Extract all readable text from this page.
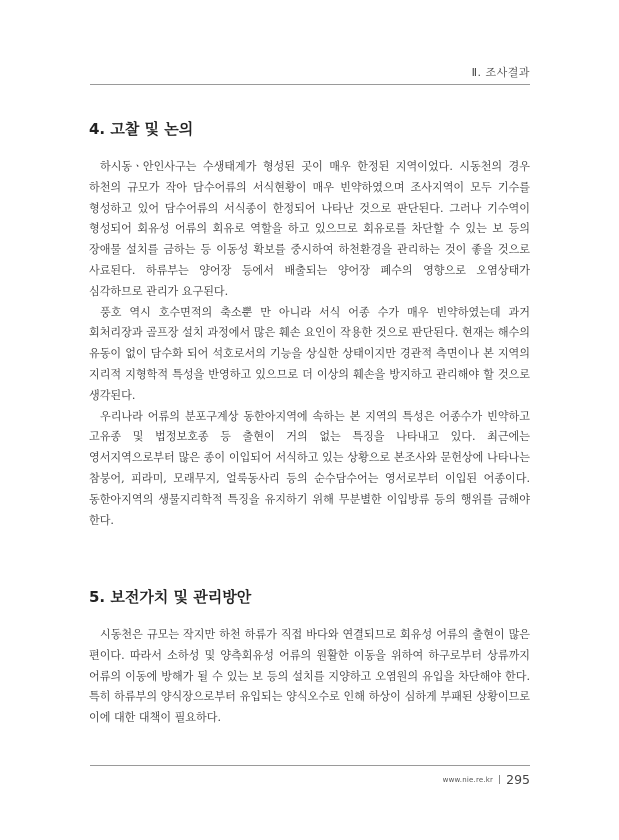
Ⅱ. 조사결과
4. 고찰 및 논의

하시동ㆍ안인사구는 수생태계가 형성된 곳이 매우 한정된 지역이었다. 시동천의 경우 하천의 규모가 작아 담수어류의 서식현황이 매우 빈약하였으며 조사지역이 모두 기수를 형성하고 있어 담수어류의 서식종이 한정되어 나타난 것으로 판단된다. 그러나 기수역이 형성되어 회유성 어류의 회유로 역할을 하고 있으므로 회유로를 차단할 수 있는 보 등의 장애물 설치를 금하는 등 이동성 확보를 중시하여 하천환경을 관리하는 것이 좋을 것으로 사료된다. 하류부는 양어장 등에서 배출되는 양어장 폐수의 영향으로 오염상태가 심각하므로 관리가 요구된다.

풍호 역시 호수면적의 축소뿐 만 아니라 서식 어종 수가 매우 빈약하였는데 과거 회처리장과 골프장 설치 과정에서 많은 훼손 요인이 작용한 것으로 판단된다. 현재는 해수의 유동이 없이 담수화 되어 석호로서의 기능을 상실한 상태이지만 경관적 측면이나 본 지역의 지리적 지형학적 특성을 반영하고 있으므로 더 이상의 훼손을 방지하고 관리해야 할 것으로 생각된다.

우리나라 어류의 분포구계상 동한아지역에 속하는 본 지역의 특성은 어종수가 빈약하고 고유종 및 법정보호종 등 출현이 거의 없는 특징을 나타내고 있다. 최근에는 영서지역으로부터 많은 종이 이입되어 서식하고 있는 상황으로 본조사와 문헌상에 나타나는 참붕어, 피라미, 모래무지, 얼룩동사리 등의 순수담수어는 영서로부터 이입된 어종이다. 동한아지역의 생물지리학적 특징을 유지하기 위해 무분별한 이입방류 등의 행위를 금해야 한다.

5. 보전가치 및 관리방안

시동천은 규모는 작지만 하천 하류가 직접 바다와 연결되므로 회유성 어류의 출현이 많은 편이다. 따라서 소하성 및 양측회유성 어류의 원활한 이동을 위하여 하구로부터 상류까지 어류의 이동에 방해가 될 수 있는 보 등의 설치를 지양하고 오염원의 유입을 차단해야 한다. 특히 하류부의 양식장으로부터 유입되는 양식오수로 인해 하상이 심하게 부패된 상황이므로 이에 대한 대책이 필요하다.

www.nie.re.kr 295
